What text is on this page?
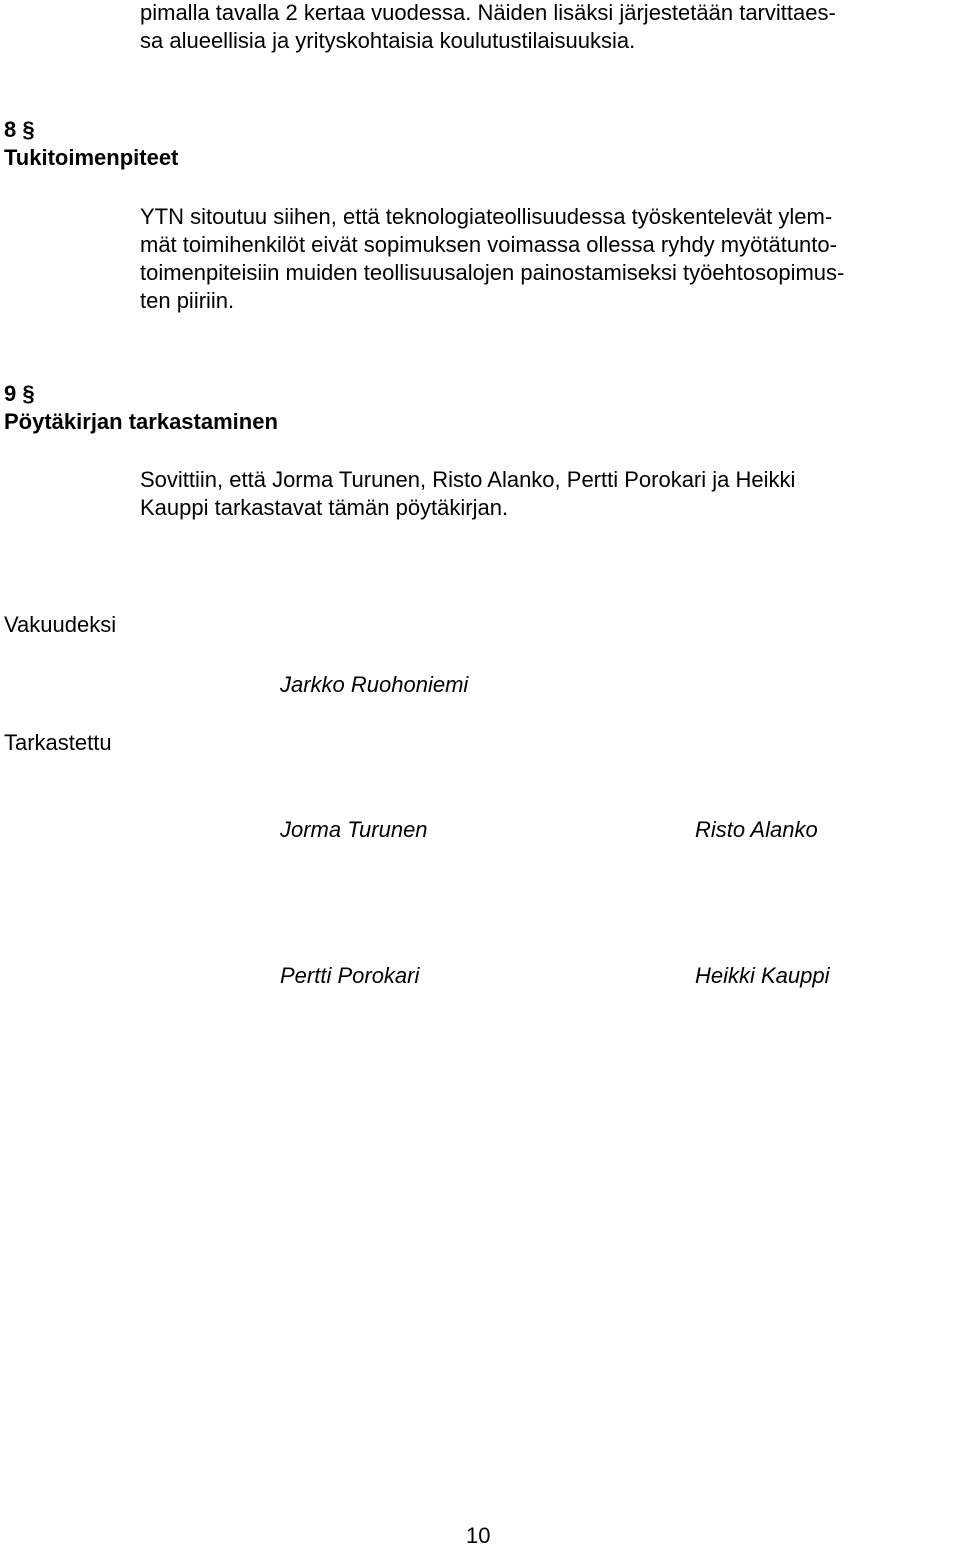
pimalla tavalla 2 kertaa vuodessa. Näiden lisäksi järjestetään tarvittaes-
sa alueellisia ja yrityskohtaisia koulutustilaisuuksia.
8 §
Tukitoimenpiteet
YTN sitoutuu siihen, että teknologiateollisuudessa työskentelevät ylem-
mät toimihenkilöt eivät sopimuksen voimassa ollessa ryhdy myötätunto-
toimenpiteisiin muiden teollisuusalojen painostamiseksi työehtosopimus-
ten piiriin.
9 §
Pöytäkirjan tarkastaminen
Sovittiin, että Jorma Turunen, Risto Alanko, Pertti Porokari ja Heikki
Kauppi tarkastavat tämän pöytäkirjan.
Vakuudeksi
Jarkko Ruohoniemi
Tarkastettu
Jorma Turunen	Risto Alanko
Pertti Porokari	Heikki Kauppi
10
